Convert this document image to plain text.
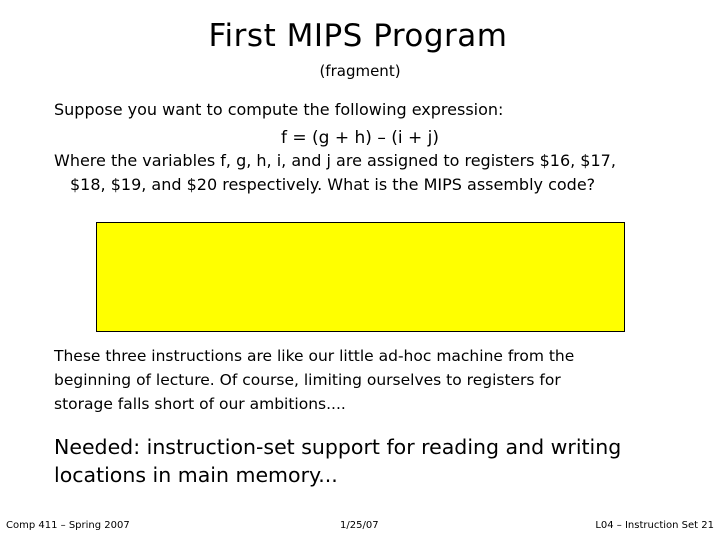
First MIPS Program
(fragment)
Suppose you want to compute the following expression:
f = (g + h) – (i + j)
Where the variables f, g, h, i, and j are assigned to registers $16, $17,
$18, $19, and $20 respectively. What is the MIPS assembly code?
These three instructions are like our little ad-hoc machine from the
beginning of lecture. Of course, limiting ourselves to registers for
storage falls short of our ambitions....
Needed: instruction-set support for reading and writing
locations in main memory...
Comp 411 – Spring 2007	1/25/07	L04 – Instruction Set 21
